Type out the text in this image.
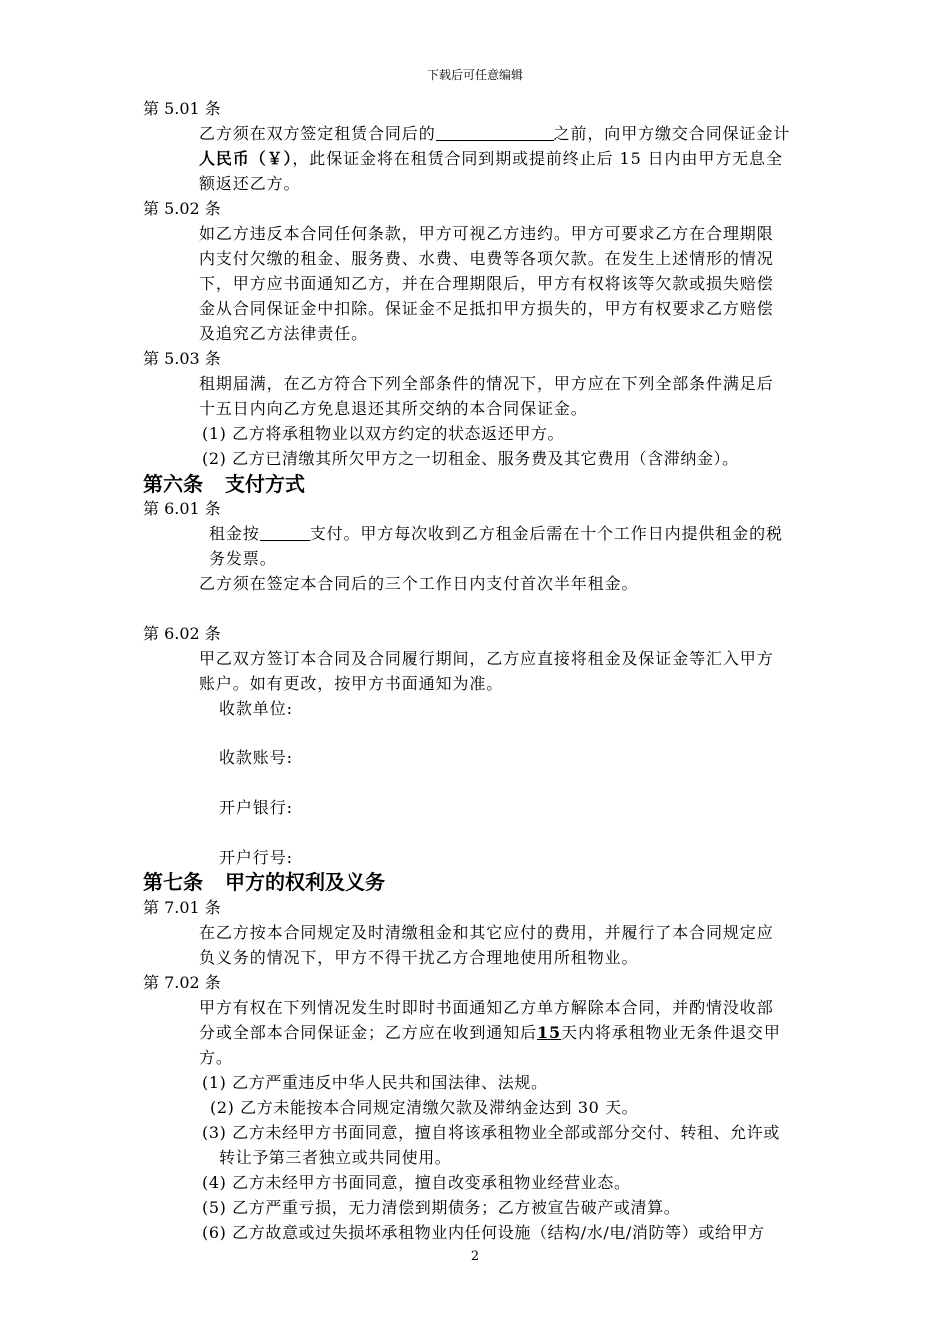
下载后可任意编辑
第 5.01 条
乙方须在双方签定租赁合同后的	之前，向甲方缴交合同保证金计
人民币（￥），此保证金将在租赁合同到期或提前终止后 15 日内由甲方无息全
额返还乙方。
第 5.02 条
如乙方违反本合同任何条款，甲方可视乙方违约。甲方可要求乙方在合理期限
内支付欠缴的租金、服务费、水费、电费等各项欠款。在发生上述情形的情况
下，甲方应书面通知乙方，并在合理期限后，甲方有权将该等欠款或损失赔偿
金从合同保证金中扣除。保证金不足抵扣甲方损失的，甲方有权要求乙方赔偿
及追究乙方法律责任。
第 5.03 条
租期届满，在乙方符合下列全部条件的情况下，甲方应在下列全部条件满足后
十五日内向乙方免息退还其所交纳的本合同保证金。
(1) 乙方将承租物业以双方约定的状态返还甲方。
(2) 乙方已清缴其所欠甲方之一切租金、服务费及其它费用（含滞纳金）。
第六条 支付方式
第 6.01 条
租金按	支付。甲方每次收到乙方租金后需在十个工作日内提供租金的税
务发票。
乙方须在签定本合同后的三个工作日内支付首次半年租金。
第 6.02 条
甲乙双方签订本合同及合同履行期间，乙方应直接将租金及保证金等汇入甲方
账户。如有更改，按甲方书面通知为准。
收款单位:
收款账号:
开户银行:
开户行号:
第七条 甲方的权利及义务
第 7.01 条
在乙方按本合同规定及时清缴租金和其它应付的费用，并履行了本合同规定应
负义务的情况下，甲方不得干扰乙方合理地使用所租物业。
第 7.02 条
甲方有权在下列情况发生时即时书面通知乙方单方解除本合同，并酌情没收部
分或全部本合同保证金；乙方应在收到通知后15天内将承租物业无条件退交甲
方。
(1) 乙方严重违反中华人民共和国法律、法规。
(2) 乙方未能按本合同规定清缴欠款及滞纳金达到 30 天。
(3) 乙方未经甲方书面同意，擅自将该承租物业全部或部分交付、转租、允许或
转让予第三者独立或共同使用。
(4) 乙方未经甲方书面同意，擅自改变承租物业经营业态。
(5) 乙方严重亏损，无力清偿到期债务；乙方被宣告破产或清算。
(6) 乙方故意或过失损坏承租物业内任何设施（结构/水/电/消防等）或给甲方
2
